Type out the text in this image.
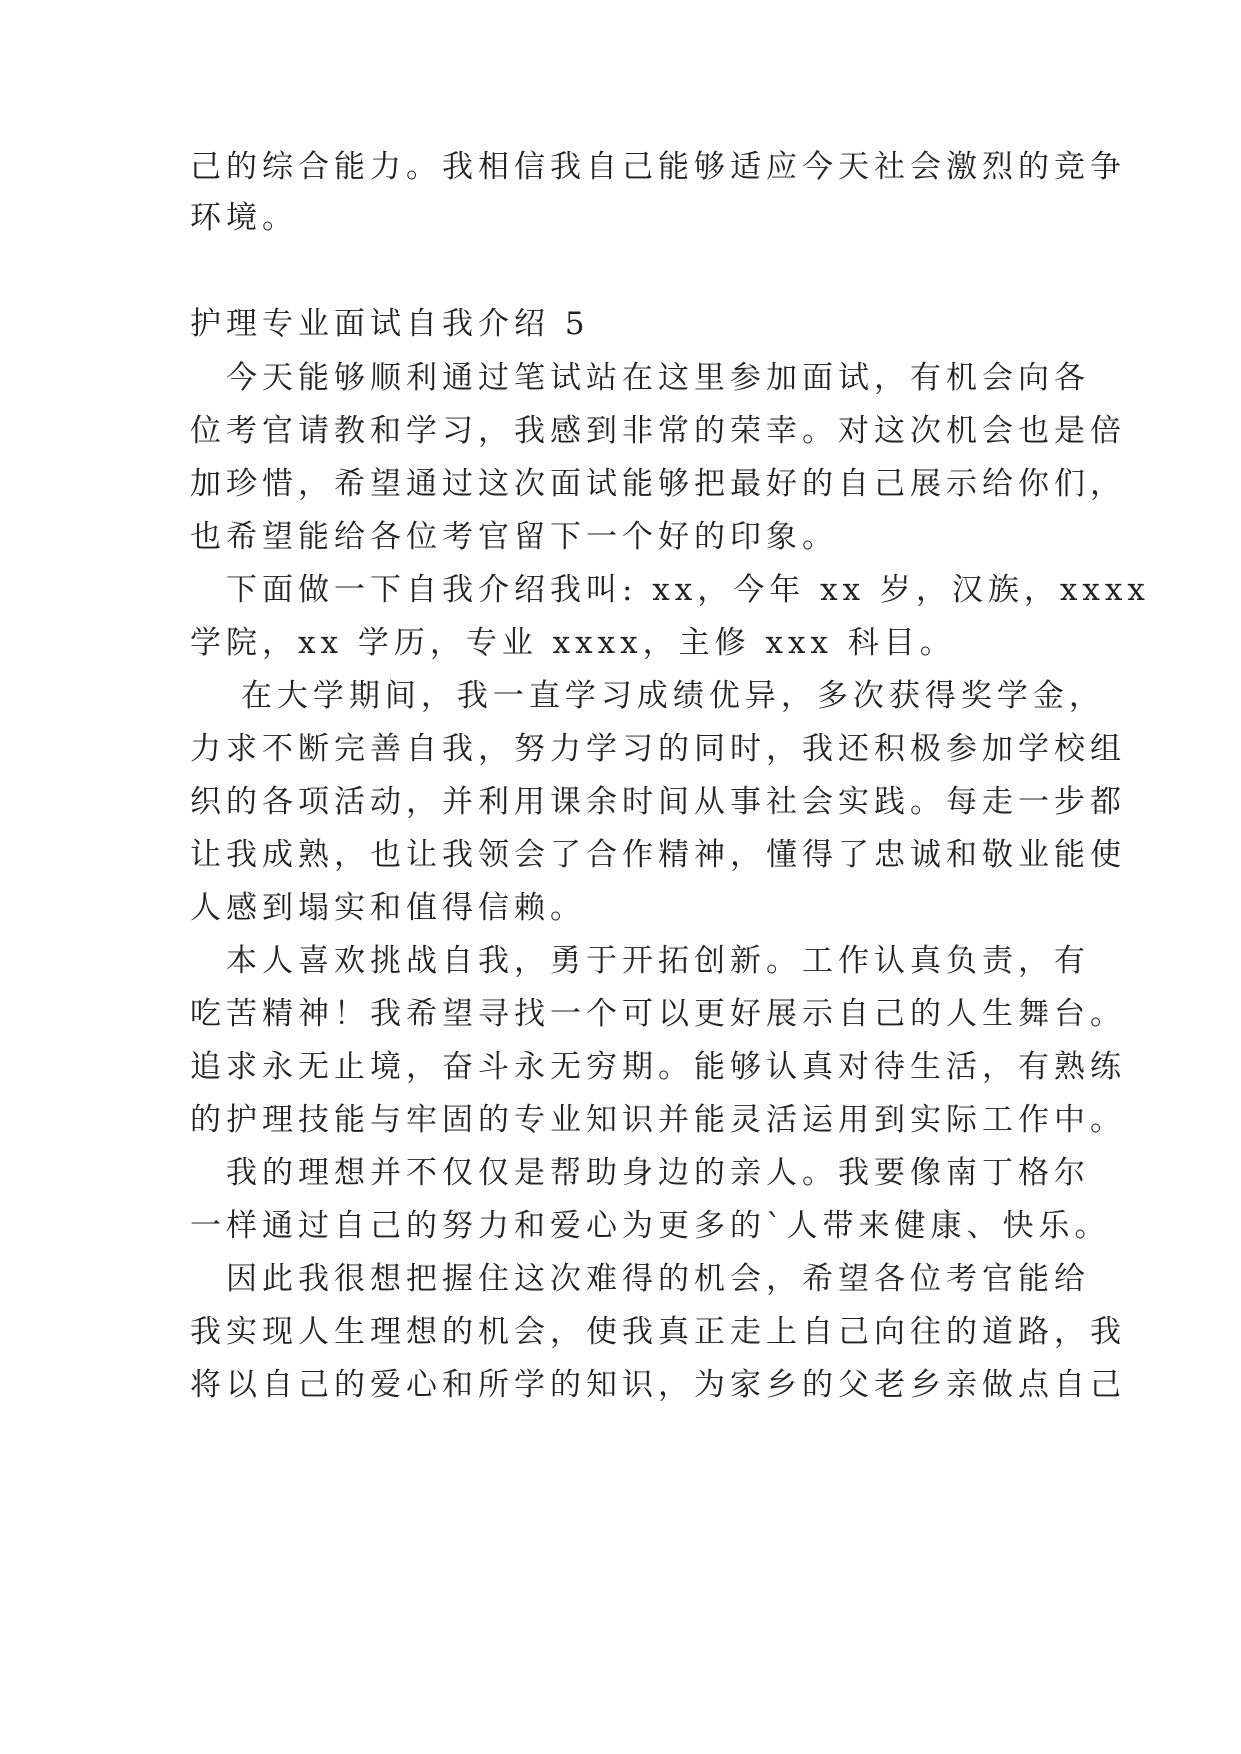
己的综合能力。我相信我自己能够适应今天社会激烈的竞争
环境。
护理专业面试自我介绍 5
　今天能够顺利通过笔试站在这里参加面试，有机会向各
位考官请教和学习，我感到非常的荣幸。对这次机会也是倍
加珍惜，希望通过这次面试能够把最好的自己展示给你们，
也希望能给各位考官留下一个好的印象。
　下面做一下自我介绍我叫: xx，今年 xx 岁，汉族，xxxx
学院，xx 学历，专业 xxxx，主修 xxx 科目。
　 在大学期间，我一直学习成绩优异，多次获得奖学金，
力求不断完善自我，努力学习的同时，我还积极参加学校组
织的各项活动，并利用课余时间从事社会实践。每走一步都
让我成熟，也让我领会了合作精神，懂得了忠诚和敬业能使
人感到塌实和值得信赖。
　本人喜欢挑战自我，勇于开拓创新。工作认真负责，有
吃苦精神！我希望寻找一个可以更好展示自己的人生舞台。
追求永无止境，奋斗永无穷期。能够认真对待生活，有熟练
的护理技能与牢固的专业知识并能灵活运用到实际工作中。
　我的理想并不仅仅是帮助身边的亲人。我要像南丁格尔
一样通过自己的努力和爱心为更多的`人带来健康、快乐。
　因此我很想把握住这次难得的机会，希望各位考官能给
我实现人生理想的机会，使我真正走上自己向往的道路，我
将以自己的爱心和所学的知识，为家乡的父老乡亲做点自己
